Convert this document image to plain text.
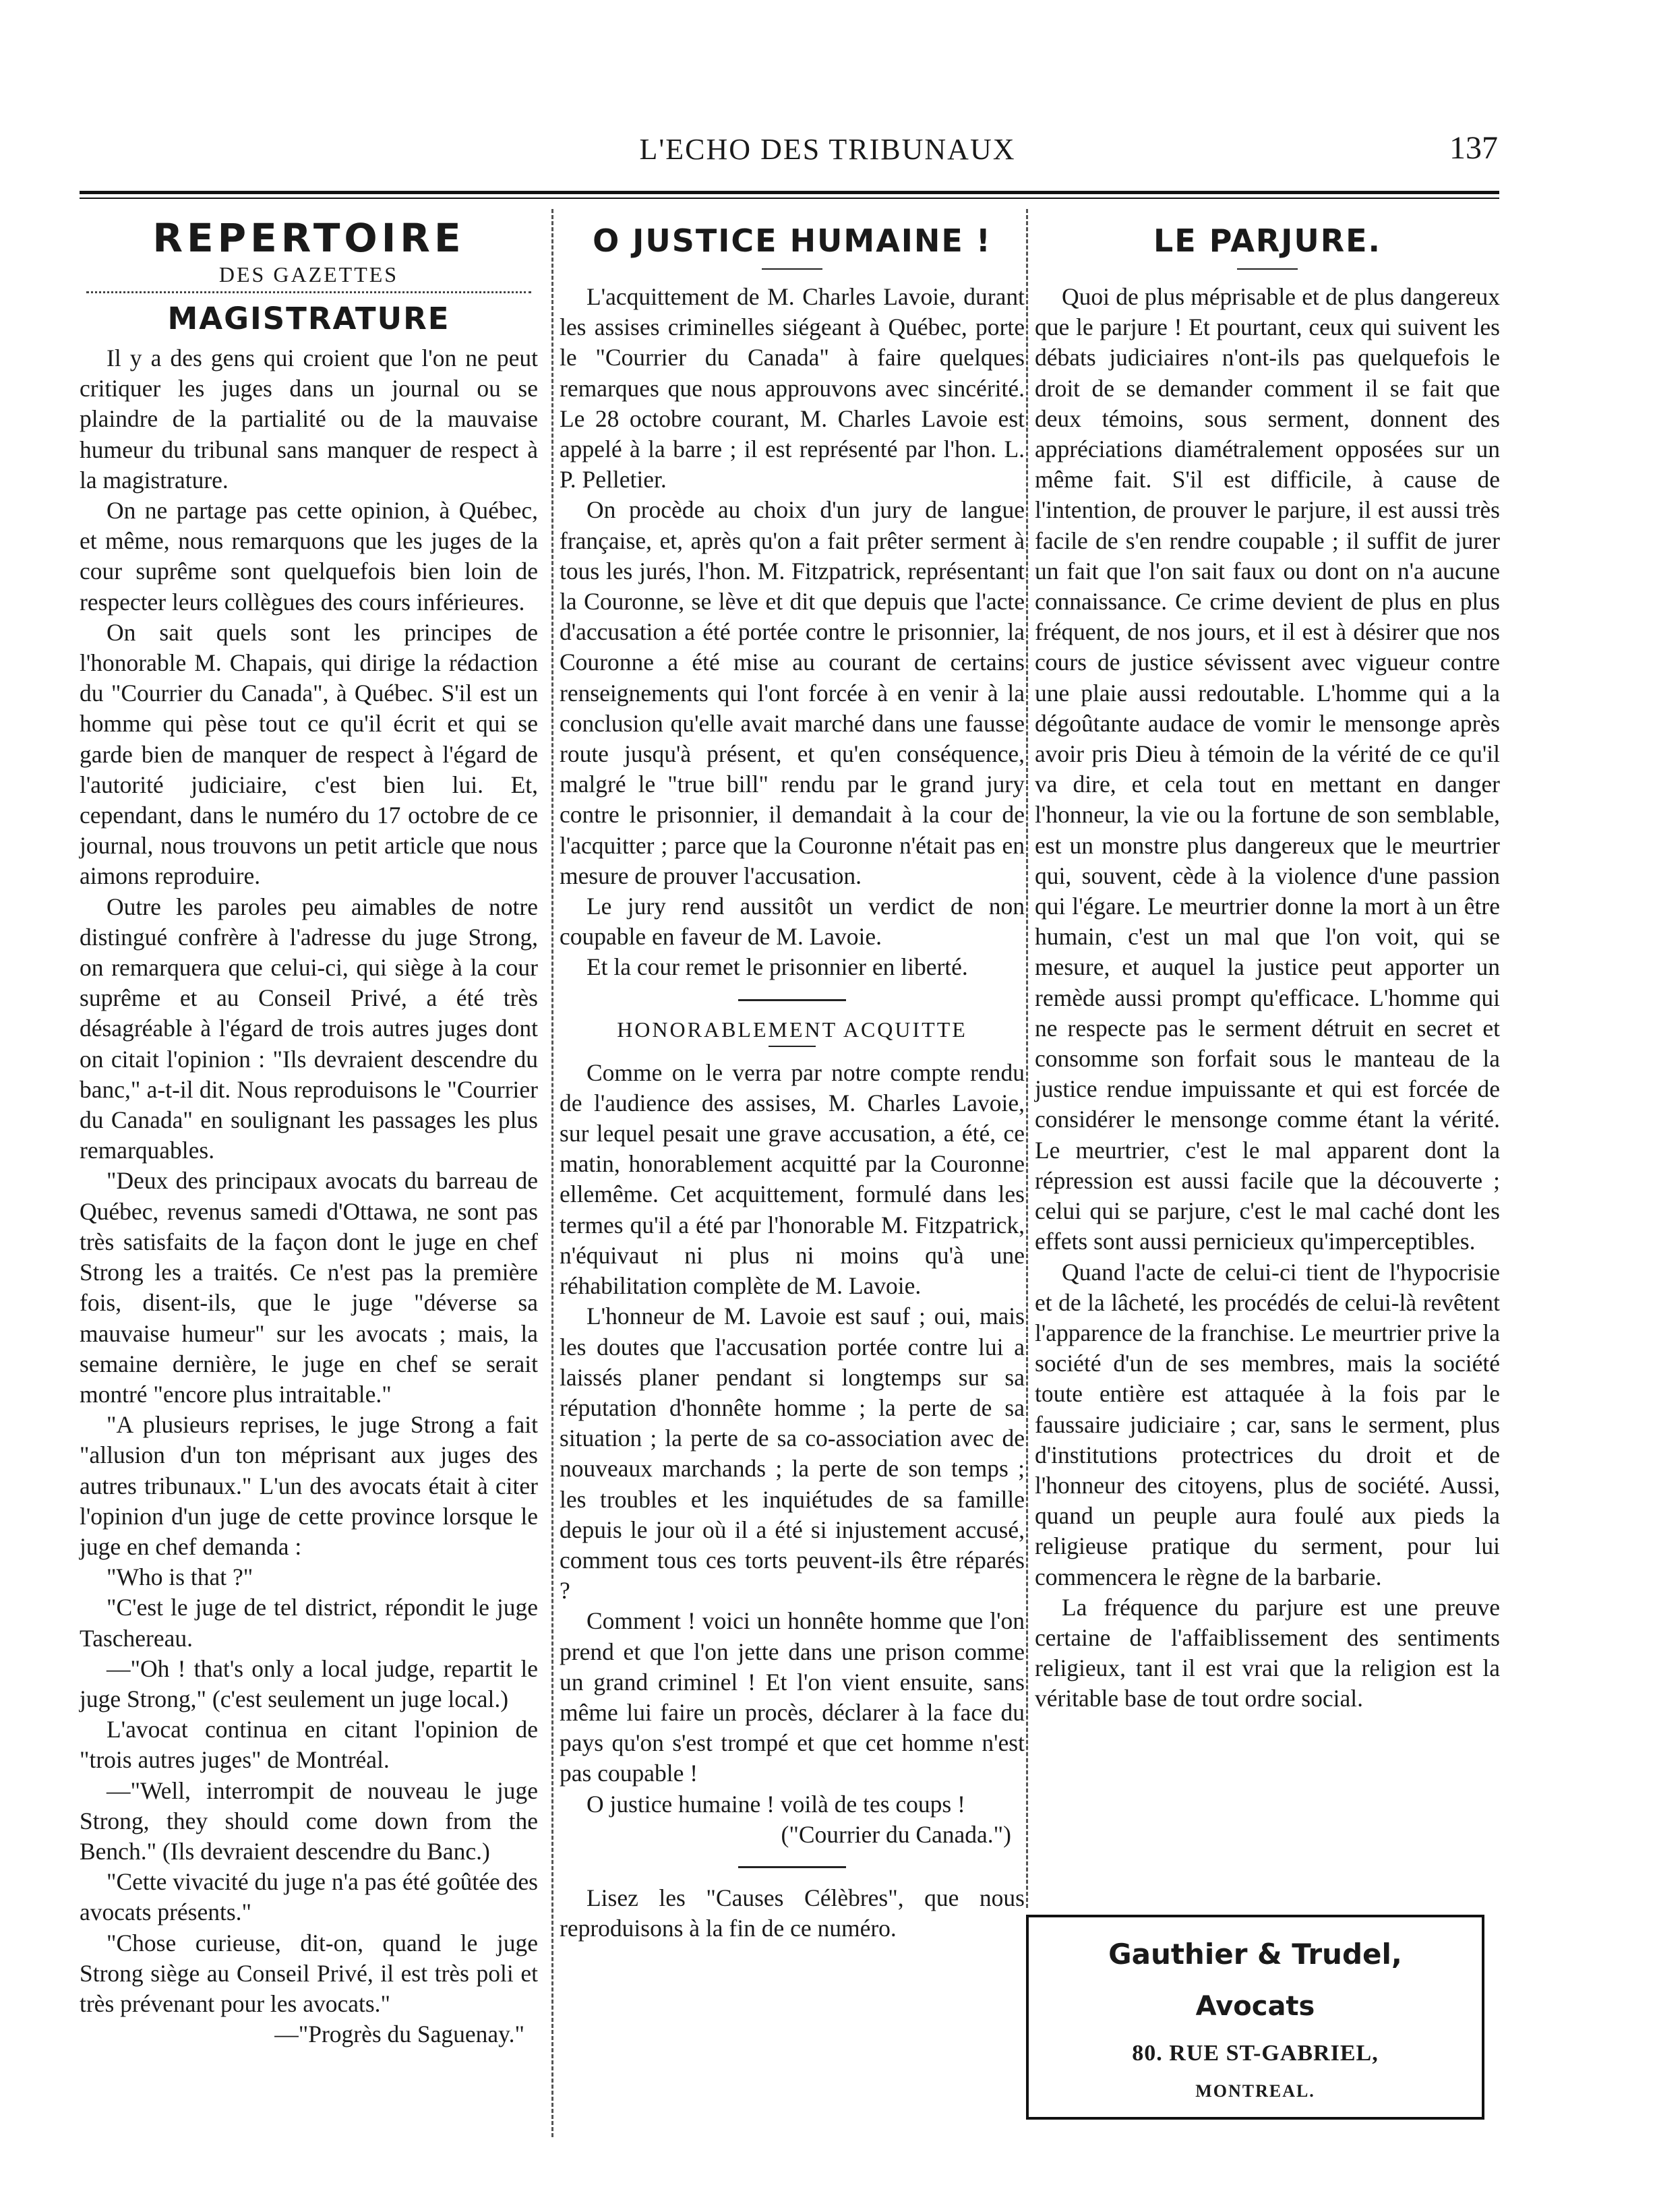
L'ECHO DES TRIBUNAUX	137
REPERTOIRE
DES GAZETTES
MAGISTRATURE

Il y a des gens qui croient que l'on ne peut critiquer les juges dans un journal ou se plaindre de la partialité ou de la mauvaise humeur du tribunal sans manquer de respect à la magistrature.

On ne partage pas cette opinion, à Québec, et même, nous remarquons que les juges de la cour suprême sont quelquefois bien loin de respecter leurs collègues des cours inférieures.

On sait quels sont les principes de l'honorable M. Chapais, qui dirige la rédaction du "Courrier du Canada", à Québec. S'il est un homme qui pèse tout ce qu'il écrit et qui se garde bien de manquer de respect à l'égard de l'autorité judiciaire, c'est bien lui. Et, cependant, dans le numéro du 17 octobre de ce journal, nous trouvons un petit article que nous aimons reproduire.

Outre les paroles peu aimables de notre distingué confrère à l'adresse du juge Strong, on remarquera que celui-ci, qui siège à la cour suprême et au Conseil Privé, a été très désagréable à l'égard de trois autres juges dont on citait l'opinion : "Ils devraient descendre du banc," a-t-il dit. Nous reproduisons le "Courrier du Canada" en soulignant les passages les plus remarquables.

"Deux des principaux avocats du barreau de Québec, revenus samedi d'Ottawa, ne sont pas très satisfaits de la façon dont le juge en chef Strong les a traités. Ce n'est pas la première fois, disent-ils, que le juge "déverse sa mauvaise humeur" sur les avocats ; mais, la semaine dernière, le juge en chef se serait montré "encore plus intraitable."

"A plusieurs reprises, le juge Strong a fait "allusion d'un ton méprisant aux juges des autres tribunaux." L'un des avocats était à citer l'opinion d'un juge de cette province lorsque le juge en chef demanda :

"Who is that ?"

"C'est le juge de tel district, répondit le juge Taschereau.

—"Oh ! that's only a local judge, repartit le juge Strong," (c'est seulement un juge local.)

L'avocat continua en citant l'opinion de "trois autres juges" de Montréal.

—"Well, interrompit de nouveau le juge Strong, they should come down from the Bench." (Ils devraient descendre du Banc.)

"Cette vivacité du juge n'a pas été goûtée des avocats présents."

"Chose curieuse, dit-on, quand le juge Strong siège au Conseil Privé, il est très poli et très prévenant pour les avocats."

—"Progrès du Saguenay."

O JUSTICE HUMAINE !

L'acquittement de M. Charles Lavoie, durant les assises criminelles siégeant à Québec, porte le "Courrier du Canada" à faire quelques remarques que nous approuvons avec sincérité. Le 28 octobre courant, M. Charles Lavoie est appelé à la barre ; il est représenté par l'hon. L. P. Pelletier.

On procède au choix d'un jury de langue française, et, après qu'on a fait prêter serment à tous les jurés, l'hon. M. Fitzpatrick, représentant la Couronne, se lève et dit que depuis que l'acte d'accusation a été portée contre le prisonnier, la Couronne a été mise au courant de certains renseignements qui l'ont forcée à en venir à la conclusion qu'elle avait marché dans une fausse route jusqu'à présent, et qu'en conséquence, malgré le "true bill" rendu par le grand jury contre le prisonnier, il demandait à la cour de l'acquitter ; parce que la Couronne n'était pas en mesure de prouver l'accusation.

Le jury rend aussitôt un verdict de non coupable en faveur de M. Lavoie.

Et la cour remet le prisonnier en liberté.

HONORABLEMENT ACQUITTE

Comme on le verra par notre compte rendu de l'audience des assises, M. Charles Lavoie, sur lequel pesait une grave accusation, a été, ce matin, honorablement acquitté par la Couronne ellemême. Cet acquittement, formulé dans les termes qu'il a été par l'honorable M. Fitzpatrick, n'équivaut ni plus ni moins qu'à une réhabilitation complète de M. Lavoie.

L'honneur de M. Lavoie est sauf ; oui, mais les doutes que l'accusation portée contre lui a laissés planer pendant si longtemps sur sa réputation d'honnête homme ; la perte de sa situation ; la perte de sa co-association avec de nouveaux marchands ; la perte de son temps ; les troubles et les inquiétudes de sa famille depuis le jour où il a été si injustement accusé, comment tous ces torts peuvent-ils être réparés ?

Comment ! voici un honnête homme que l'on prend et que l'on jette dans une prison comme un grand criminel ! Et l'on vient ensuite, sans même lui faire un procès, déclarer à la face du pays qu'on s'est trompé et que cet homme n'est pas coupable !

O justice humaine ! voilà de tes coups !

("Courrier du Canada.")

Lisez les "Causes Célèbres", que nous reproduisons à la fin de ce numéro.

LE PARJURE.

Quoi de plus méprisable et de plus dangereux que le parjure ! Et pourtant, ceux qui suivent les débats judiciaires n'ont-ils pas quelquefois le droit de se demander comment il se fait que deux témoins, sous serment, donnent des appréciations diamétralement opposées sur un même fait. S'il est difficile, à cause de l'intention, de prouver le parjure, il est aussi très facile de s'en rendre coupable ; il suffit de jurer un fait que l'on sait faux ou dont on n'a aucune connaissance. Ce crime devient de plus en plus fréquent, de nos jours, et il est à désirer que nos cours de justice sévissent avec vigueur contre une plaie aussi redoutable. L'homme qui a la dégoûtante audace de vomir le mensonge après avoir pris Dieu à témoin de la vérité de ce qu'il va dire, et cela tout en mettant en danger l'honneur, la vie ou la fortune de son semblable, est un monstre plus dangereux que le meurtrier qui, souvent, cède à la violence d'une passion qui l'égare. Le meurtrier donne la mort à un être humain, c'est un mal que l'on voit, qui se mesure, et auquel la justice peut apporter un remède aussi prompt qu'efficace. L'homme qui ne respecte pas le serment détruit en secret et consomme son forfait sous le manteau de la justice rendue impuissante et qui est forcée de considérer le mensonge comme étant la vérité. Le meurtrier, c'est le mal apparent dont la répression est aussi facile que la découverte ; celui qui se parjure, c'est le mal caché dont les effets sont aussi pernicieux qu'imperceptibles.

Quand l'acte de celui-ci tient de l'hypocrisie et de la lâcheté, les procédés de celui-là revêtent l'apparence de la franchise. Le meurtrier prive la société d'un de ses membres, mais la société toute entière est attaquée à la fois par le faussaire judiciaire ; car, sans le serment, plus d'institutions protectrices du droit et de l'honneur des citoyens, plus de société. Aussi, quand un peuple aura foulé aux pieds la religieuse pratique du serment, pour lui commencera le règne de la barbarie.

La fréquence du parjure est une preuve certaine de l'affaiblissement des sentiments religieux, tant il est vrai que la religion est la véritable base de tout ordre social.

Gauthier & Trudel,
Avocats
80. RUE ST-GABRIEL,
MONTREAL.
